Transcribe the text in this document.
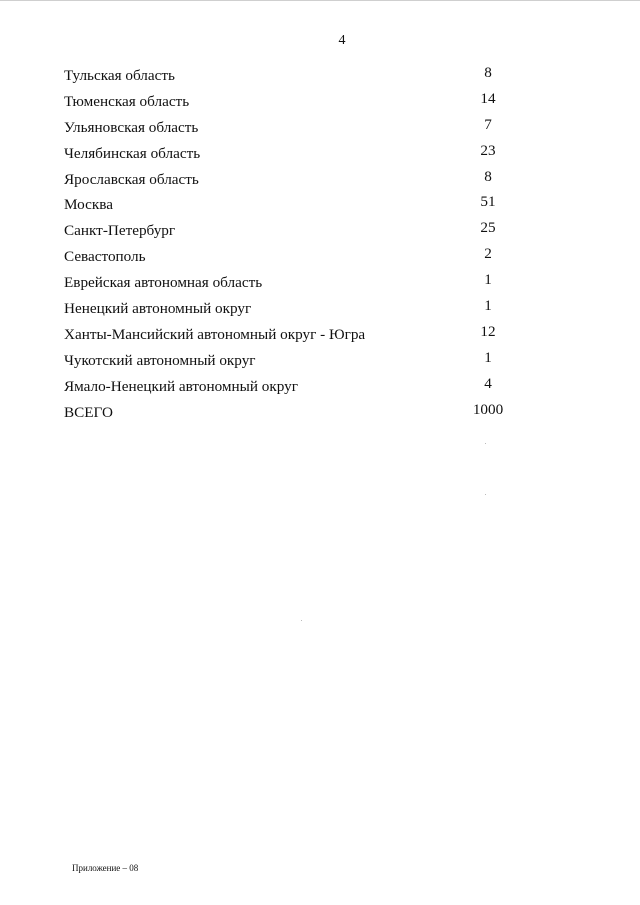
4
Тульская область	8
Тюменская область	14
Ульяновская область	7
Челябинская область	23
Ярославская область	8
Москва	51
Санкт-Петербург	25
Севастополь	2
Еврейская автономная область	1
Ненецкий автономный округ	1
Ханты-Мансийский автономный округ - Югра	12
Чукотский автономный округ	1
Ямало-Ненецкий автономный округ	4
ВСЕГО	1000
Приложение – 08
